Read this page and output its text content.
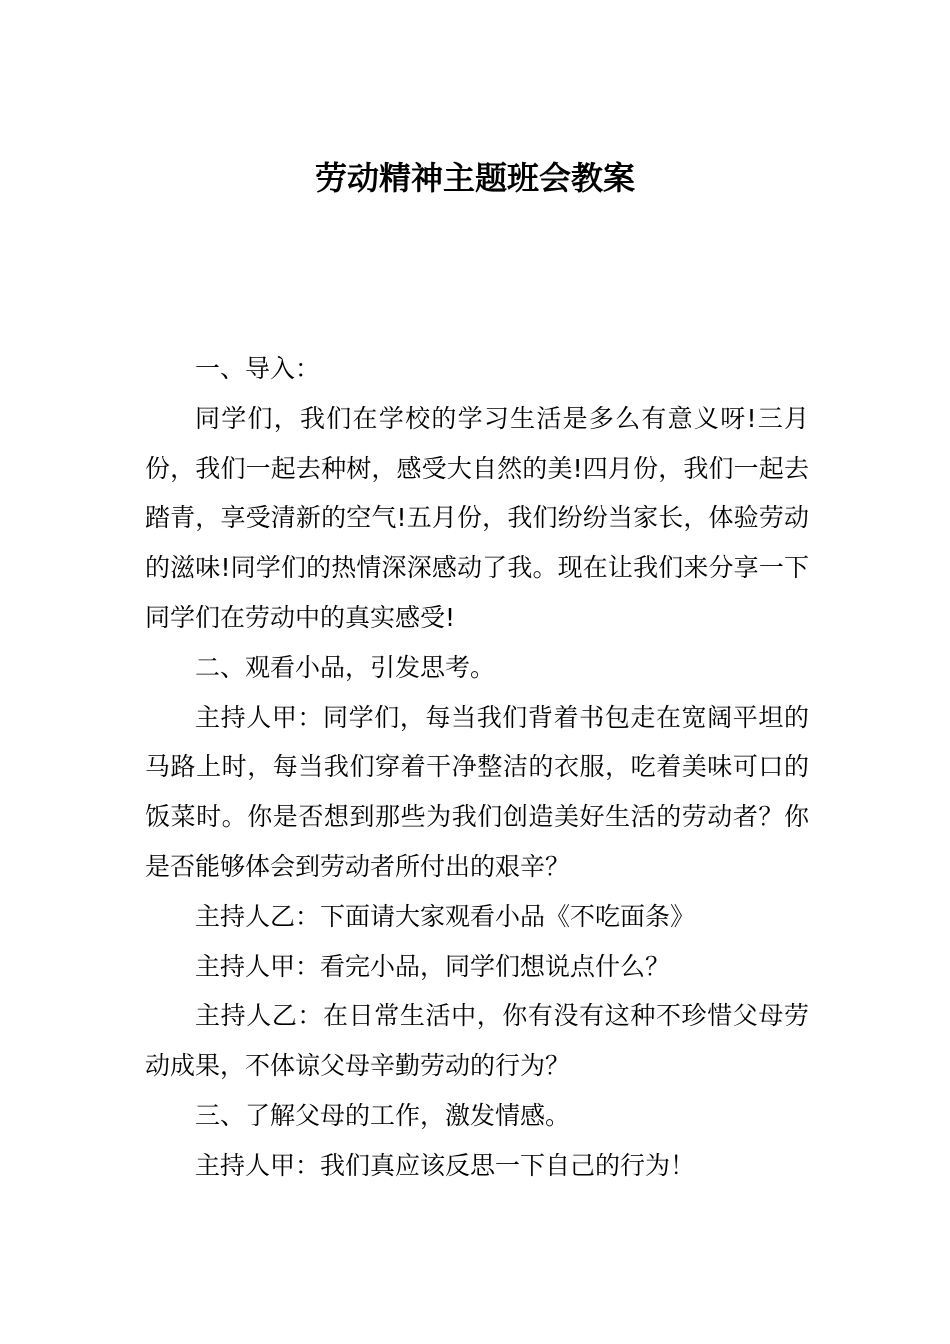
劳动精神主题班会教案

一、导入：

同学们，我们在学校的学习生活是多么有意义呀!三月份，我们一起去种树，感受大自然的美!四月份，我们一起去踏青，享受清新的空气!五月份，我们纷纷当家长，体验劳动的滋味!同学们的热情深深感动了我。现在让我们来分享一下同学们在劳动中的真实感受!

二、观看小品，引发思考。

主持人甲：同学们，每当我们背着书包走在宽阔平坦的马路上时，每当我们穿着干净整洁的衣服，吃着美味可口的饭菜时。你是否想到那些为我们创造美好生活的劳动者？你是否能够体会到劳动者所付出的艰辛？

主持人乙：下面请大家观看小品《不吃面条》

主持人甲：看完小品，同学们想说点什么？

主持人乙：在日常生活中，你有没有这种不珍惜父母劳动成果，不体谅父母辛勤劳动的行为？

三、了解父母的工作，激发情感。

主持人甲：我们真应该反思一下自己的行为！
